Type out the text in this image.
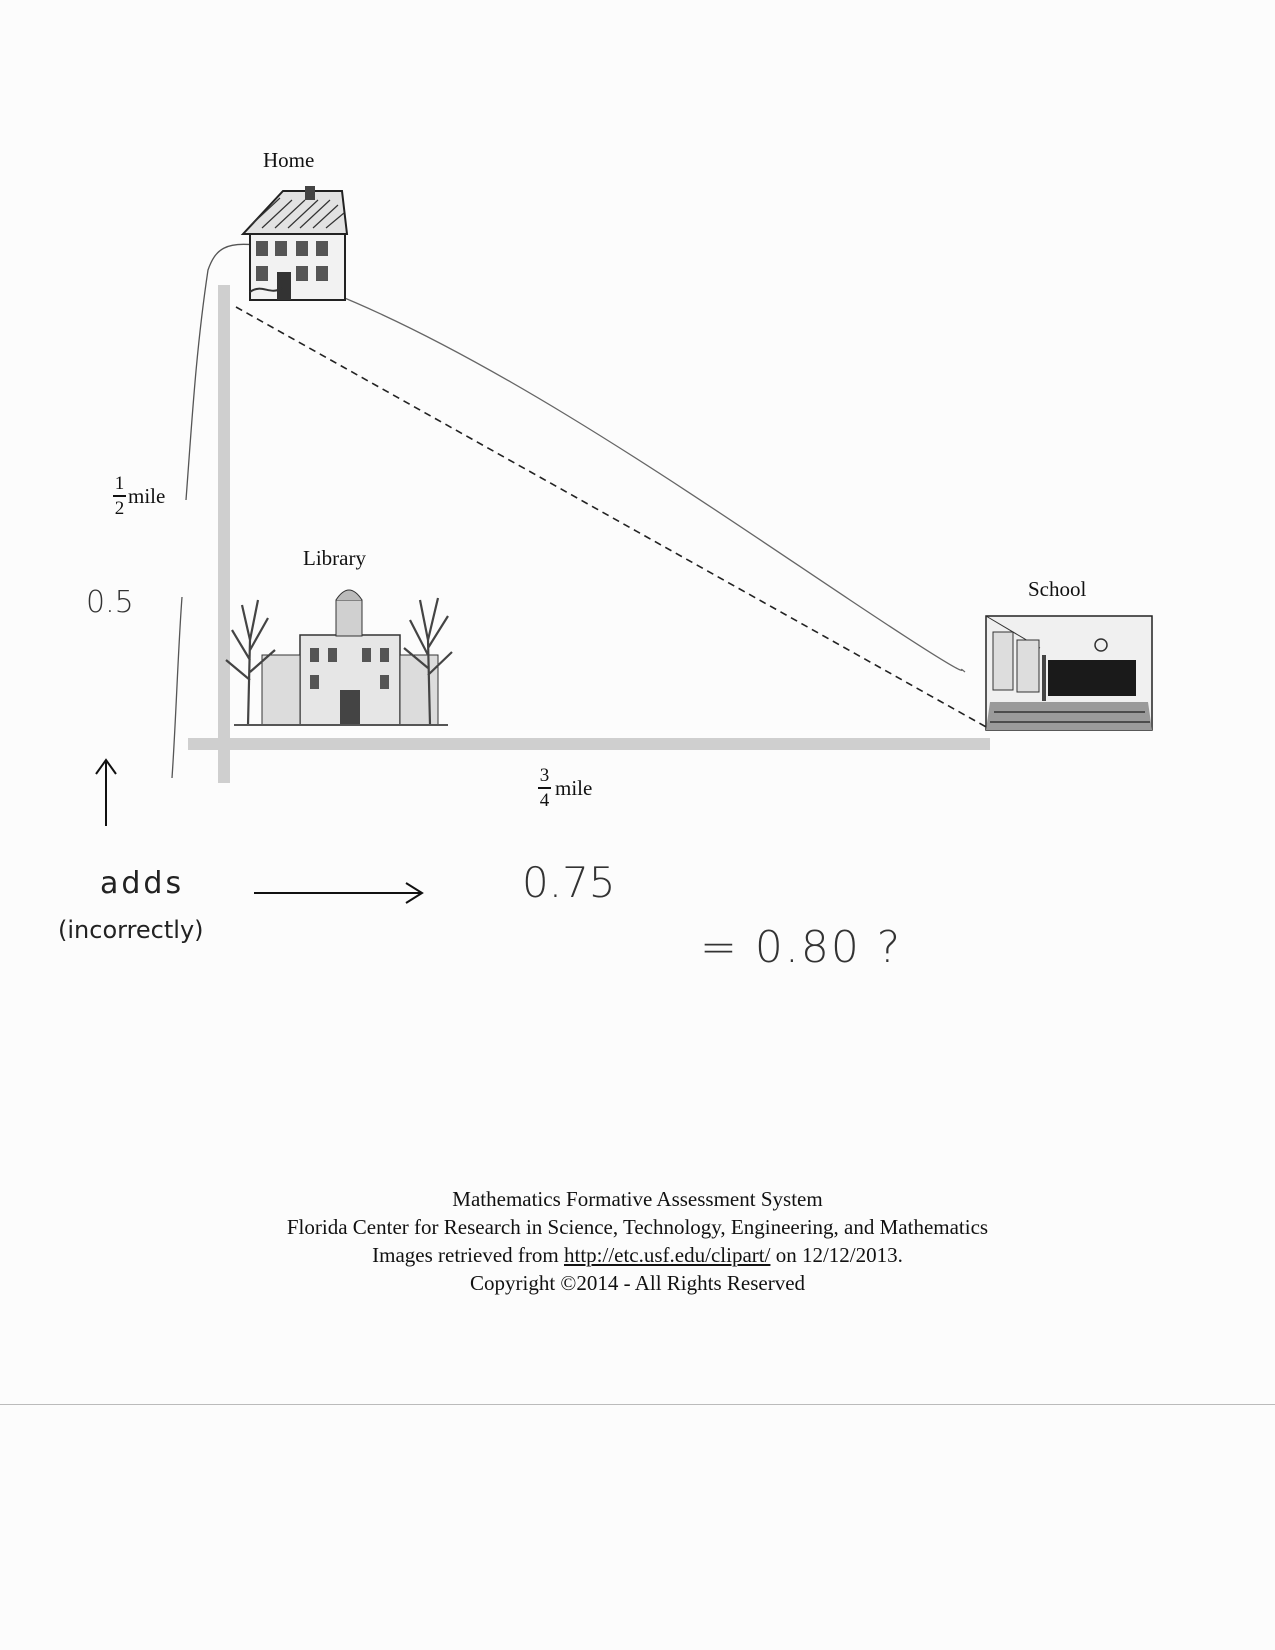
Home
Library
School
$\frac{1}{2}$ mile
$\frac{3}{4}$ mile
0.5
0.75
adds
(incorrectly)	= 0.80 ?
Mathematics Formative Assessment System
Florida Center for Research in Science, Technology, Engineering, and Mathematics
Images retrieved from http://etc.usf.edu/clipart/ on 12/12/2013.
Copyright ©2014 - All Rights Reserved
